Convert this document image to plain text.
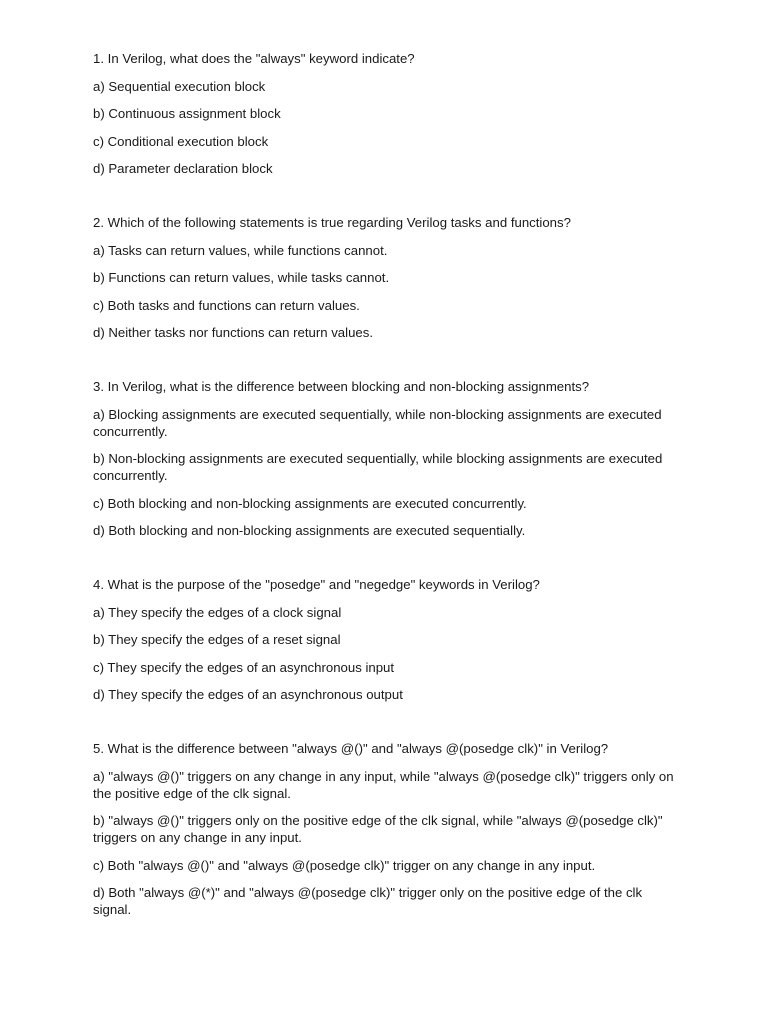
1. In Verilog, what does the "always" keyword indicate?
a) Sequential execution block
b) Continuous assignment block
c) Conditional execution block
d) Parameter declaration block
2. Which of the following statements is true regarding Verilog tasks and functions?
a) Tasks can return values, while functions cannot.
b) Functions can return values, while tasks cannot.
c) Both tasks and functions can return values.
d) Neither tasks nor functions can return values.
3. In Verilog, what is the difference between blocking and non-blocking assignments?
a) Blocking assignments are executed sequentially, while non-blocking assignments are executed concurrently.
b) Non-blocking assignments are executed sequentially, while blocking assignments are executed concurrently.
c) Both blocking and non-blocking assignments are executed concurrently.
d) Both blocking and non-blocking assignments are executed sequentially.
4. What is the purpose of the "posedge" and "negedge" keywords in Verilog?
a) They specify the edges of a clock signal
b) They specify the edges of a reset signal
c) They specify the edges of an asynchronous input
d) They specify the edges of an asynchronous output
5. What is the difference between "always @()" and "always @(posedge clk)" in Verilog?
a) "always @()" triggers on any change in any input, while "always @(posedge clk)" triggers only on the positive edge of the clk signal.
b) "always @()" triggers only on the positive edge of the clk signal, while "always @(posedge clk)" triggers on any change in any input.
c) Both "always @()" and "always @(posedge clk)" trigger on any change in any input.
d) Both "always @(*)" and "always @(posedge clk)" trigger only on the positive edge of the clk signal.
